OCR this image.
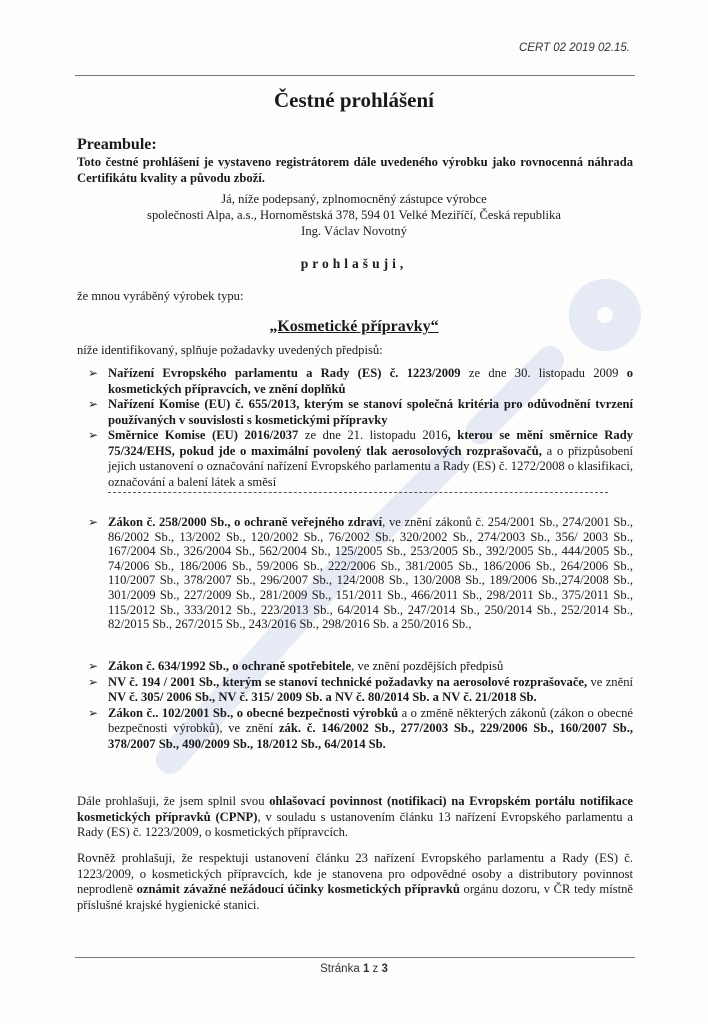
CERT 02 2019 02.15.
Čestné prohlášení
Preambule:
Toto čestné prohlášení je vystaveno registrátorem dále uvedeného výrobku jako rovnocenná náhrada Certifikátu kvality a původu zboží.
Já, níže podepsaný, zplnomocněný zástupce výrobce
společnosti Alpa, a.s., Hornoměstská 378, 594 01 Velké Meziříčí, Česká republika
Ing. Václav Novotný
prohlašuji,
že mnou vyráběný výrobek typu:
„Kosmetické přípravky“
níže identifikovaný, splňuje požadavky uvedených předpisů:
➢ Nařízení Evropského parlamentu a Rady (ES) č. 1223/2009 ze dne 30. listopadu 2009 o kosmetických přípravcích, ve znění doplňků
➢ Nařízení Komise (EU) č. 655/2013, kterým se stanoví společná kritéria pro odůvodnění tvrzení používaných v souvislosti s kosmetickými přípravky
➢ Směrnice Komise (EU) 2016/2037 ze dne 21. listopadu 2016, kterou se mění směrnice Rady 75/324/EHS, pokud jde o maximální povolený tlak aerosolových rozprašovačů, a o přizpůsobení jejich ustanovení o označování nařízení Evropského parlamentu a Rady (ES) č. 1272/2008 o klasifikaci, označování a balení látek a směsí
➢ Zákon č. 258/2000 Sb., o ochraně veřejného zdraví, ve znění zákonů č. 254/2001 Sb., 274/2001 Sb., 86/2002 Sb., 13/2002 Sb., 120/2002 Sb., 76/2002 Sb., 320/2002 Sb., 274/2003 Sb., 356/ 2003 Sb., 167/2004 Sb., 326/2004 Sb., 562/2004 Sb., 125/2005 Sb., 253/2005 Sb., 392/2005 Sb., 444/2005 Sb., 74/2006 Sb., 186/2006 Sb., 59/2006 Sb., 222/2006 Sb., 381/2005 Sb., 186/2006 Sb., 264/2006 Sb., 110/2007 Sb., 378/2007 Sb., 296/2007 Sb., 124/2008 Sb., 130/2008 Sb., 189/2006 Sb.,274/2008 Sb., 301/2009 Sb., 227/2009 Sb., 281/2009 Sb., 151/2011 Sb., 466/2011 Sb., 298/2011 Sb., 375/2011 Sb., 115/2012 Sb., 333/2012 Sb., 223/2013 Sb., 64/2014 Sb., 247/2014 Sb., 250/2014 Sb., 252/2014 Sb., 82/2015 Sb., 267/2015 Sb., 243/2016 Sb., 298/2016 Sb. a 250/2016 Sb.,
➢ Zákon č. 634/1992 Sb., o ochraně spotřebitele, ve znění pozdějších předpisů
➢ NV č. 194 / 2001 Sb., kterým se stanoví technické požadavky na aerosolové rozprašovače, ve znění NV č. 305/ 2006 Sb., NV č. 315/ 2009 Sb. a NV č. 80/2014 Sb. a NV č. 21/2018 Sb.
➢ Zákon č.. 102/2001 Sb., o obecné bezpečnosti výrobků a o změně některých zákonů (zákon o obecné bezpečnosti výrobků), ve znění zák. č. 146/2002 Sb., 277/2003 Sb., 229/2006 Sb., 160/2007 Sb., 378/2007 Sb., 490/2009 Sb., 18/2012 Sb., 64/2014 Sb.
Dále prohlašuji, že jsem splnil svou ohlašovací povinnost (notifikaci) na Evropském portálu notifikace kosmetických přípravků (CPNP), v souladu s ustanovením článku 13 nařízení Evropského parlamentu a Rady (ES) č. 1223/2009, o kosmetických přípravcích.
Rovněž prohlašuji, že respektuji ustanovení článku 23 nařízení Evropského parlamentu a Rady (ES) č. 1223/2009, o kosmetických přípravcích, kde je stanovena pro odpovědné osoby a distributory povinnost neprodleně oznámit závažné nežádoucí účinky kosmetických přípravků orgánu dozoru, v ČR tedy místně příslušné krajské hygienické stanici.
Stránka 1 z 3
